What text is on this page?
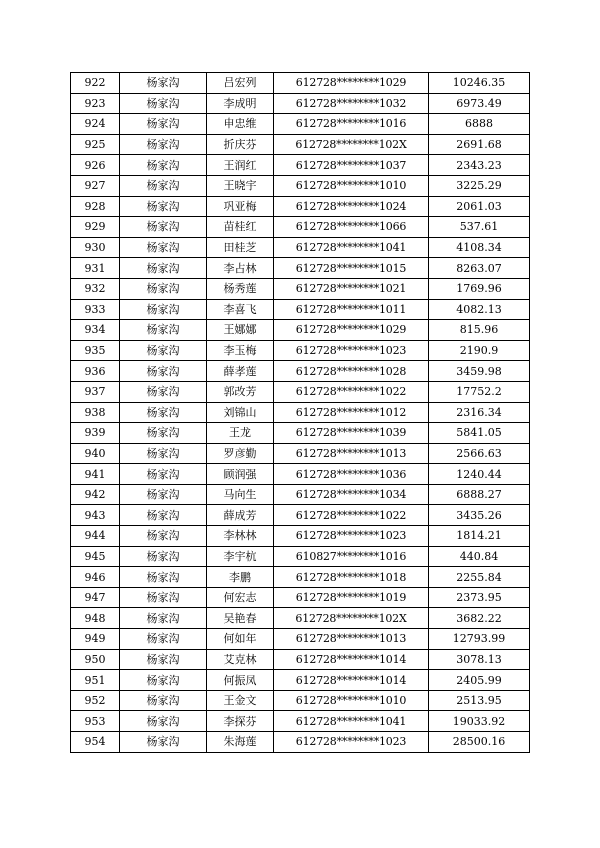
922	杨家沟	吕宏列	612728********1029	10246.35
923	杨家沟	李成明	612728********1032	6973.49
924	杨家沟	申忠维	612728********1016	6888
925	杨家沟	折庆芬	612728********102X	2691.68
926	杨家沟	王润红	612728********1037	2343.23
927	杨家沟	王晓宇	612728********1010	3225.29
928	杨家沟	巩亚梅	612728********1024	2061.03
929	杨家沟	苗桂红	612728********1066	537.61
930	杨家沟	田桂芝	612728********1041	4108.34
931	杨家沟	李占林	612728********1015	8263.07
932	杨家沟	杨秀莲	612728********1021	1769.96
933	杨家沟	李喜飞	612728********1011	4082.13
934	杨家沟	王娜娜	612728********1029	815.96
935	杨家沟	李玉梅	612728********1023	2190.9
936	杨家沟	薛孝莲	612728********1028	3459.98
937	杨家沟	郭改芳	612728********1022	17752.2
938	杨家沟	刘锦山	612728********1012	2316.34
939	杨家沟	王龙	612728********1039	5841.05
940	杨家沟	罗彦勤	612728********1013	2566.63
941	杨家沟	顾润强	612728********1036	1240.44
942	杨家沟	马向生	612728********1034	6888.27
943	杨家沟	薛成芳	612728********1022	3435.26
944	杨家沟	李林林	612728********1023	1814.21
945	杨家沟	李宇杭	610827********1016	440.84
946	杨家沟	李鹏	612728********1018	2255.84
947	杨家沟	何宏志	612728********1019	2373.95
948	杨家沟	吴艳春	612728********102X	3682.22
949	杨家沟	何如年	612728********1013	12793.99
950	杨家沟	艾克林	612728********1014	3078.13
951	杨家沟	何振凤	612728********1014	2405.99
952	杨家沟	王金文	612728********1010	2513.95
953	杨家沟	李探芬	612728********1041	19033.92
954	杨家沟	朱海莲	612728********1023	28500.16
